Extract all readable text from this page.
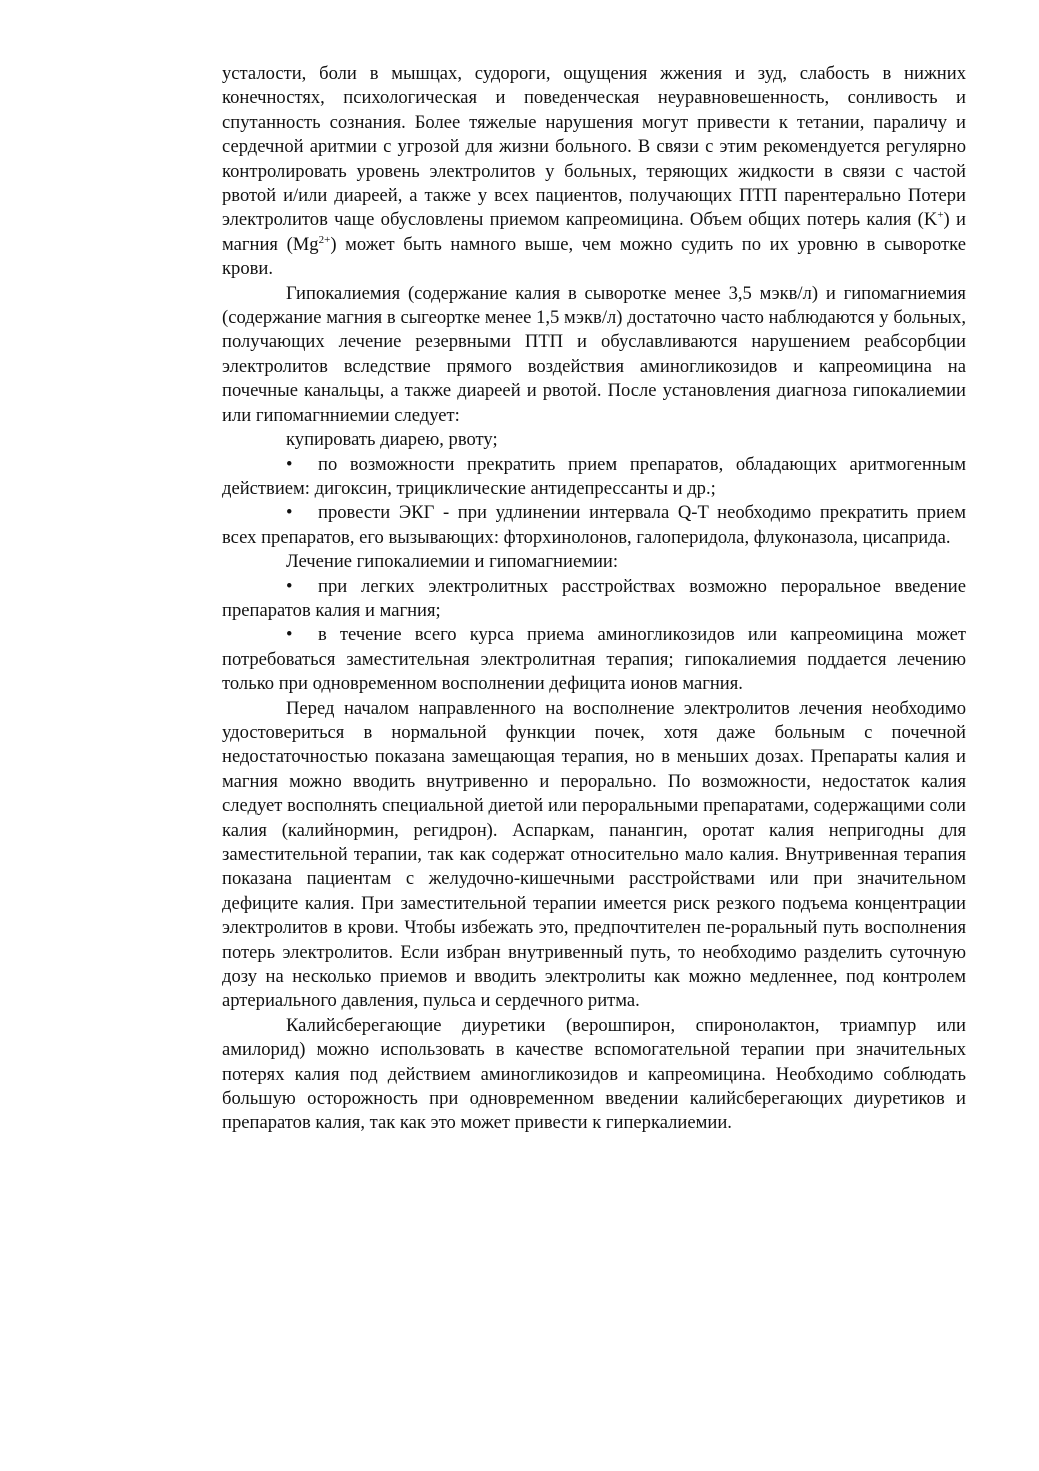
усталости, боли в мышцах, судороги, ощущения жжения и зуд, слабость в нижних конечностях, психологическая и поведенческая неуравновешенность, сонливость и спутанность сознания. Более тяжелые нарушения могут привести к тетании, параличу и сердечной аритмии с угрозой для жизни больного. В связи с этим рекомендуется регулярно контролировать уровень электролитов у больных, теряющих жидкости в связи с частой рвотой и/или диареей, а также у всех пациентов, получающих ПТП парентерально Потери электролитов чаще обусловлены приемом капреомицина. Объем общих потерь калия (K+) и магния $(Mg^{2+})$ может быть намного выше, чем можно судить по их уровню в сыворотке крови.

Гипокалиемия (содержание калия в сыворотке менее 3,5 мэкв/л) и гипомагниемия (содержание магния в сыгеортке менее 1,5 мэкв/л) достаточно часто наблюдаются у больных, получающих лечение резервными ПТП и обуславливаются нарушением реабсорбции электролитов вследствие прямого воздействия аминогликозидов и капреомицина на почечные канальцы, а также диареей и рвотой. После установления диагноза гипокалиемии или гипомагнниемии следует:

купировать диарею, рвоту;

• по возможности прекратить прием препаратов, обладающих аритмогенным действием: дигоксин, трициклические антидепрессанты и др.;

• провести ЭКГ - при удлинении интервала Q-T необходимо прекратить прием всех препаратов, его вызывающих: фторхинолонов, галоперидола, флуконазола, цисаприда.

Лечение гипокалиемии и гипомагниемии:

• при легких электролитных расстройствах возможно пероральное введение препаратов калия и магния;

• в течение всего курса приема аминогликозидов или капреомицина может потребоваться заместительная электролитная терапия; гипокалиемия поддается лечению только при одновременном восполнении дефицита ионов магния.

Перед началом направленного на восполнение электролитов лечения необходимо удостовериться в нормальной функции почек, хотя даже больным с почечной недостаточностью показана замещающая терапия, но в меньших дозах. Препараты калия и магния можно вводить внутривенно и перорально. По возможности, недостаток калия следует восполнять специальной диетой или пероральными препаратами, содержащими соли калия (калийнормин, регидрон). Аспаркам, панангин, оротат калия непригодны для заместительной терапии, так как содержат относительно мало калия. Внутривенная терапия показана пациентам с желудочно-кишечными расстройствами или при значительном дефиците калия. При заместительной терапии имеется риск резкого подъема концентрации электролитов в крови. Чтобы избежать это, предпочтителен пе-роральный путь восполнения потерь электролитов. Если избран внутривенный путь, то необходимо разделить суточную дозу на несколько приемов и вводить электролиты как можно медленнее, под контролем артериального давления, пульса и сердечного ритма.

Калийсберегающие диуретики (верошпирон, спиронолактон, триампур или амилорид) можно использовать в качестве вспомогательной терапии при значительных потерях калия под действием аминогликозидов и капреомицина. Необходимо соблюдать большую осторожность при одновременном введении калийсберегающих диуретиков и препаратов калия, так как это может привести к гиперкалиемии.
